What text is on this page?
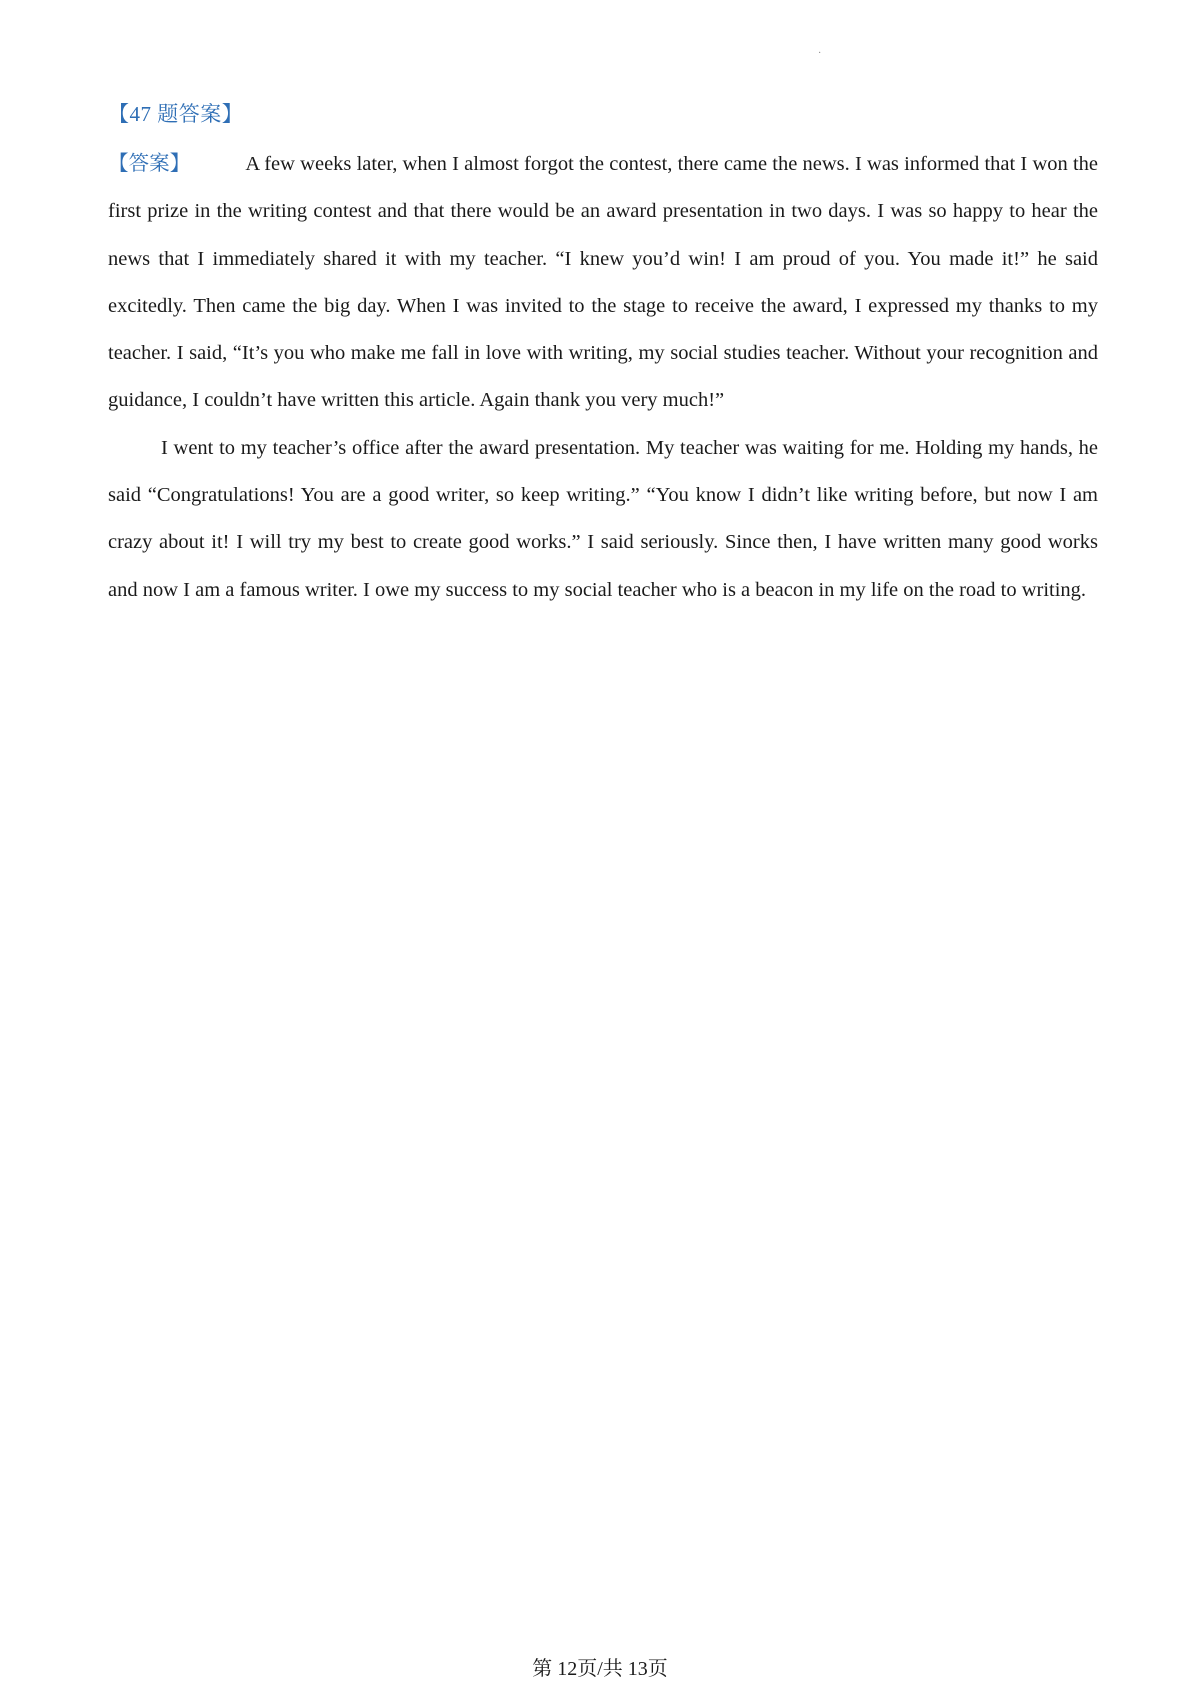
·
【47 题答案】

【答案】	A few weeks later, when I almost forgot the contest, there came the news. I was informed that I won the first prize in the writing contest and that there would be an award presentation in two days. I was so happy to hear the news that I immediately shared it with my teacher. “I knew you’d win! I am proud of you. You made it!” he said excitedly. Then came the big day. When I was invited to the stage to receive the award, I expressed my thanks to my teacher. I said, “It’s you who make me fall in love with writing, my social studies teacher. Without your recognition and guidance, I couldn’t have written this article. Again thank you very much!”

I went to my teacher’s office after the award presentation. My teacher was waiting for me. Holding my hands, he said “Congratulations! You are a good writer, so keep writing.” “You know I didn’t like writing before, but now I am crazy about it! I will try my best to create good works.” I said seriously. Since then, I have written many good works and now I am a famous writer. I owe my success to my social teacher who is a beacon in my life on the road to writing.

第 12页/共 13页
